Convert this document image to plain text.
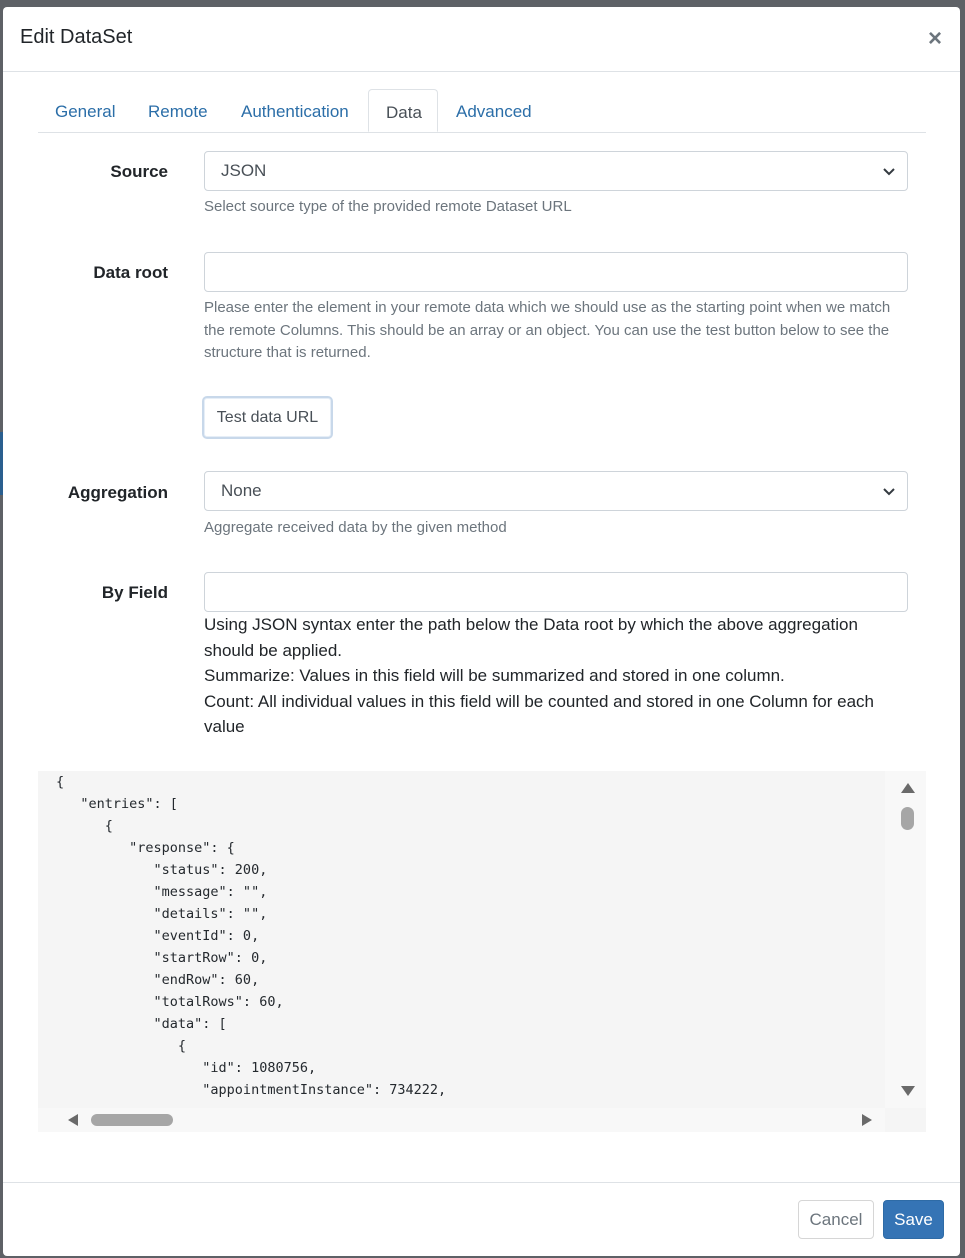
Edit DataSet	×
General	Remote	Authentication	Data	Advanced
Source	JSON
Select source type of the provided remote Dataset URL
Data root
Please enter the element in your remote data which we should use as the starting point when we match the remote Columns. This should be an array or an object. You can use the test button below to see the structure that is returned.
Test data URL
Aggregation	None
Aggregate received data by the given method
By Field
Using JSON syntax enter the path below the Data root by which the above aggregation should be applied.
Summarize: Values in this field will be summarized and stored in one column.
Count: All individual values in this field will be counted and stored in one Column for each value
{
"entries": [
{
"response": {
"status": 200,
"message": "",
"details": "",
"eventId": 0,
"startRow": 0,
"endRow": 60,
"totalRows": 60,
"data": [
{
"id": 1080756,
"appointmentInstance": 734222,
Cancel	Save
